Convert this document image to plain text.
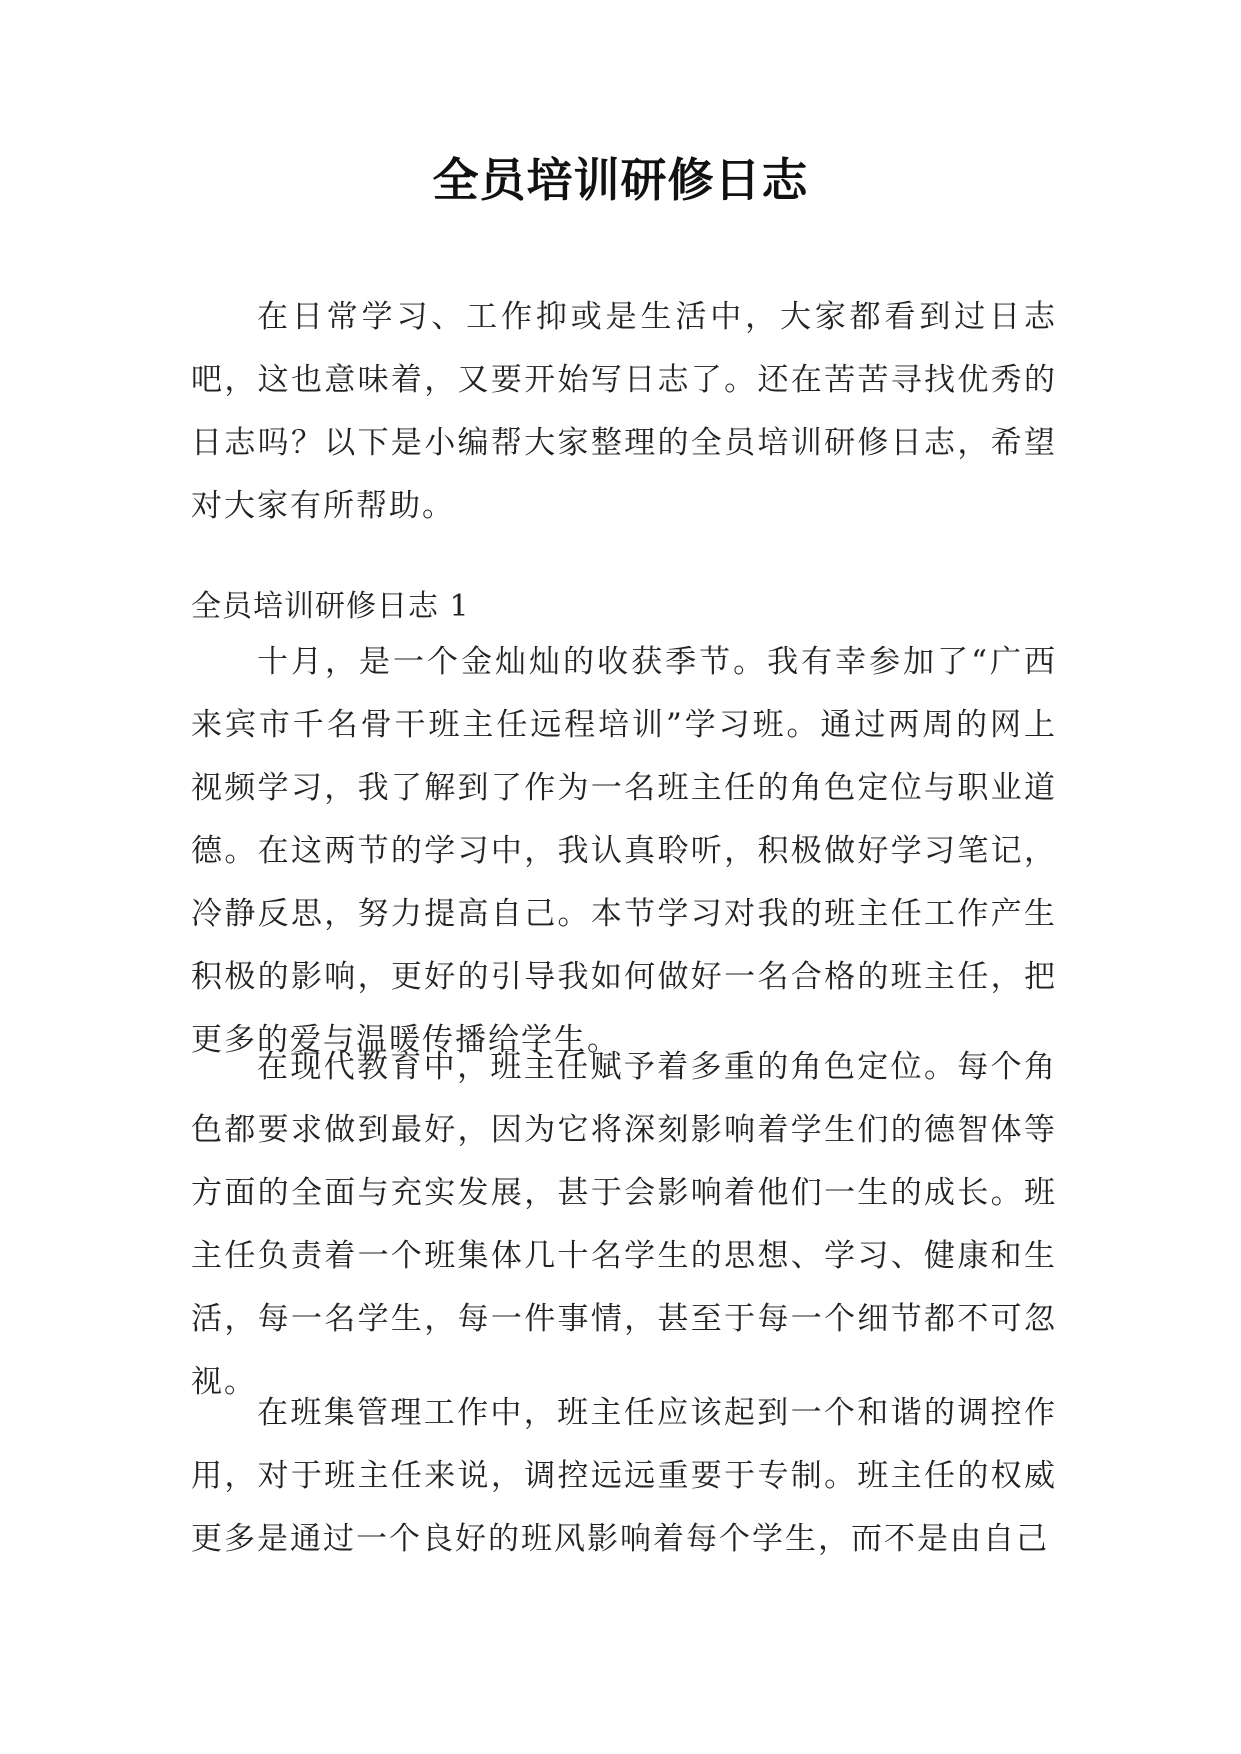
全员培训研修日志

在日常学习、工作抑或是生活中，大家都看到过日志吧，这也意味着，又要开始写日志了。还在苦苦寻找优秀的日志吗？以下是小编帮大家整理的全员培训研修日志，希望对大家有所帮助。

全员培训研修日志 1

十月，是一个金灿灿的收获季节。我有幸参加了“广西来宾市千名骨干班主任远程培训”学习班。通过两周的网上视频学习，我了解到了作为一名班主任的角色定位与职业道德。在这两节的学习中，我认真聆听，积极做好学习笔记，冷静反思，努力提高自己。本节学习对我的班主任工作产生积极的影响，更好的引导我如何做好一名合格的班主任，把更多的爱与温暖传播给学生。

在现代教育中，班主任赋予着多重的角色定位。每个角色都要求做到最好，因为它将深刻影响着学生们的德智体等方面的全面与充实发展，甚于会影响着他们一生的成长。班主任负责着一个班集体几十名学生的思想、学习、健康和生活，每一名学生，每一件事情，甚至于每一个细节都不可忽视。

在班集管理工作中，班主任应该起到一个和谐的调控作用，对于班主任来说，调控远远重要于专制。班主任的权威更多是通过一个良好的班风影响着每个学生，而不是由自己
